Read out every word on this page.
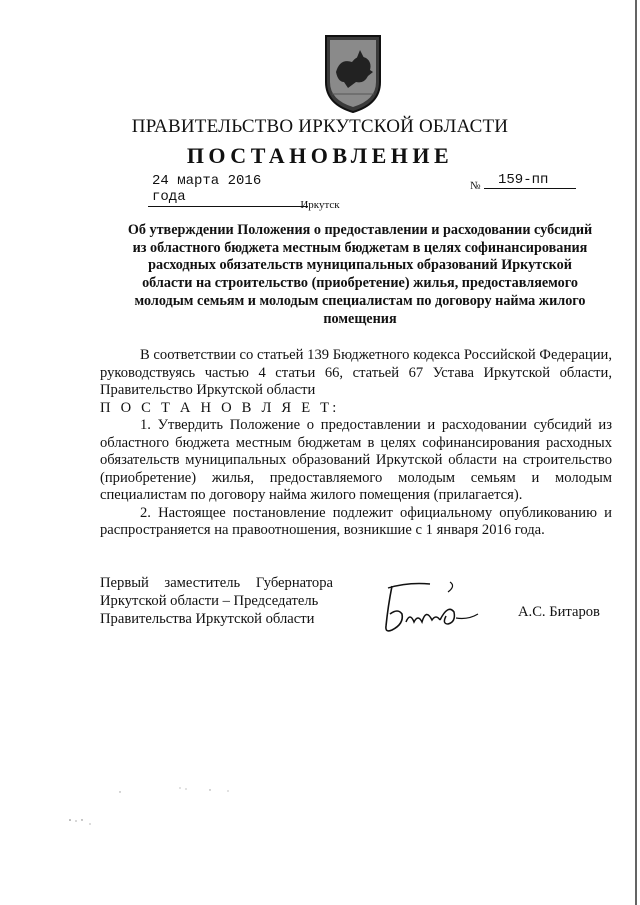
ПРАВИТЕЛЬСТВО ИРКУТСКОЙ ОБЛАСТИ
ПОСТАНОВЛЕНИЕ
24 марта 2016 года
№	159-пп
Иркутск
Об утверждении Положения о предоставлении и расходовании субсидий
из областного бюджета местным бюджетам в целях софинансирования
расходных обязательств муниципальных образований Иркутской
области на строительство (приобретение) жилья, предоставляемого
молодым семьям и молодым специалистам по договору найма жилого
помещения

В соответствии со статьей 139 Бюджетного кодекса Российской Федерации, руководствуясь частью 4 статьи 66, статьей 67 Устава Иркутской области, Правительство Иркутской области

П О С Т А Н О В Л Я Е Т:

1. Утвердить Положение о предоставлении и расходовании субсидий из областного бюджета местным бюджетам в целях софинансирования расходных обязательств муниципальных образований Иркутской области на строительство (приобретение) жилья, предоставляемого молодым семьям и молодым специалистам по договору найма жилого помещения (прилагается).

2. Настоящее постановление подлежит официальному опубликованию и распространяется на правоотношения, возникшие с 1 января 2016 года.

Первый заместитель Губернатора
Иркутской области – Председатель
Правительства Иркутской области	А.С. Битаров
